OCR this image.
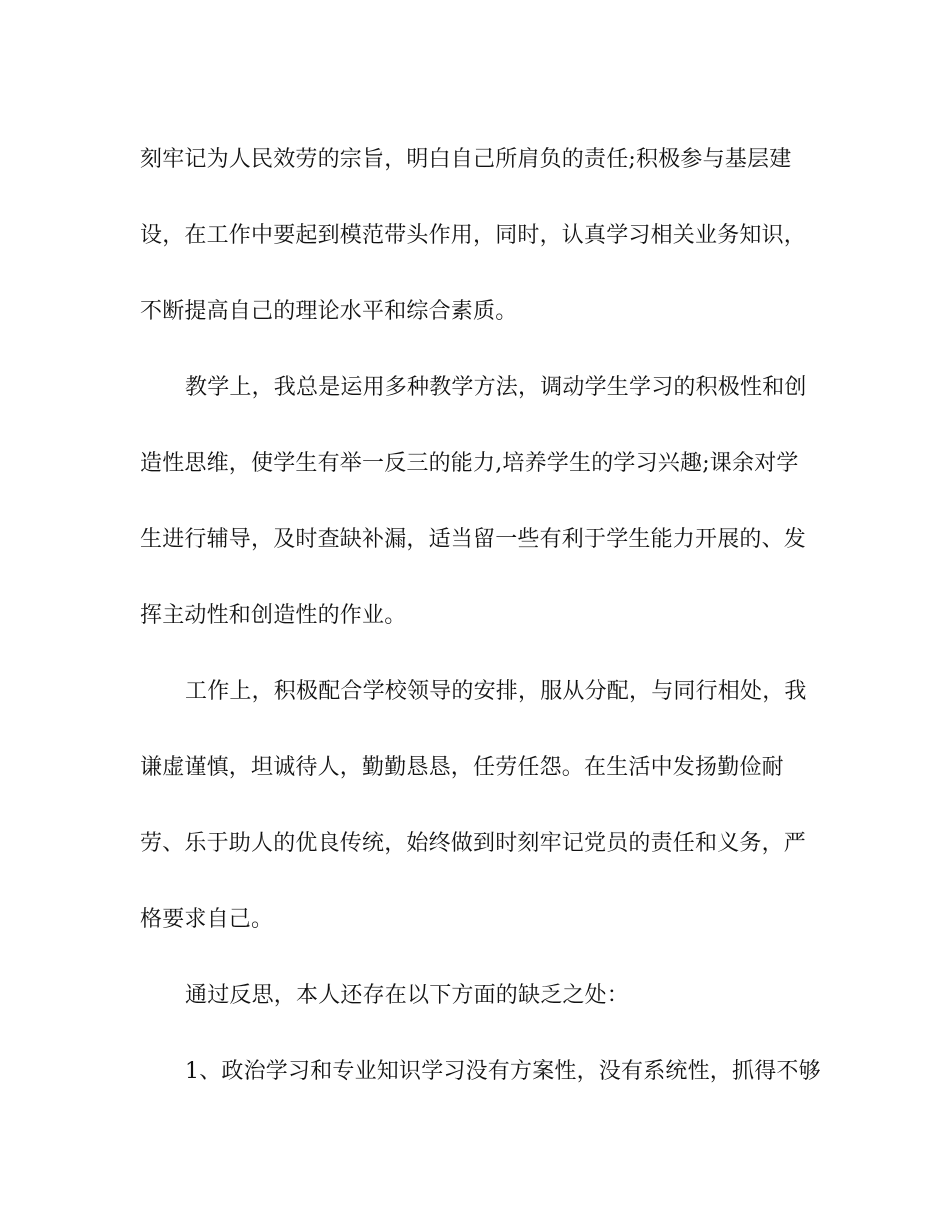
刻牢记为人民效劳的宗旨，明白自己所肩负的责任;积极参与基层建
设，在工作中要起到模范带头作用，同时，认真学习相关业务知识，
不断提高自己的理论水平和综合素质。
教学上，我总是运用多种教学方法，调动学生学习的积极性和创
造性思维，使学生有举一反三的能力,培养学生的学习兴趣;课余对学
生进行辅导，及时查缺补漏，适当留一些有利于学生能力开展的、发
挥主动性和创造性的作业。
工作上，积极配合学校领导的安排，服从分配，与同行相处，我
谦虚谨慎，坦诚待人，勤勤恳恳，任劳任怨。在生活中发扬勤俭耐
劳、乐于助人的优良传统，始终做到时刻牢记党员的责任和义务，严
格要求自己。
通过反思，本人还存在以下方面的缺乏之处：
1、政治学习和专业知识学习没有方案性，没有系统性，抓得不够
